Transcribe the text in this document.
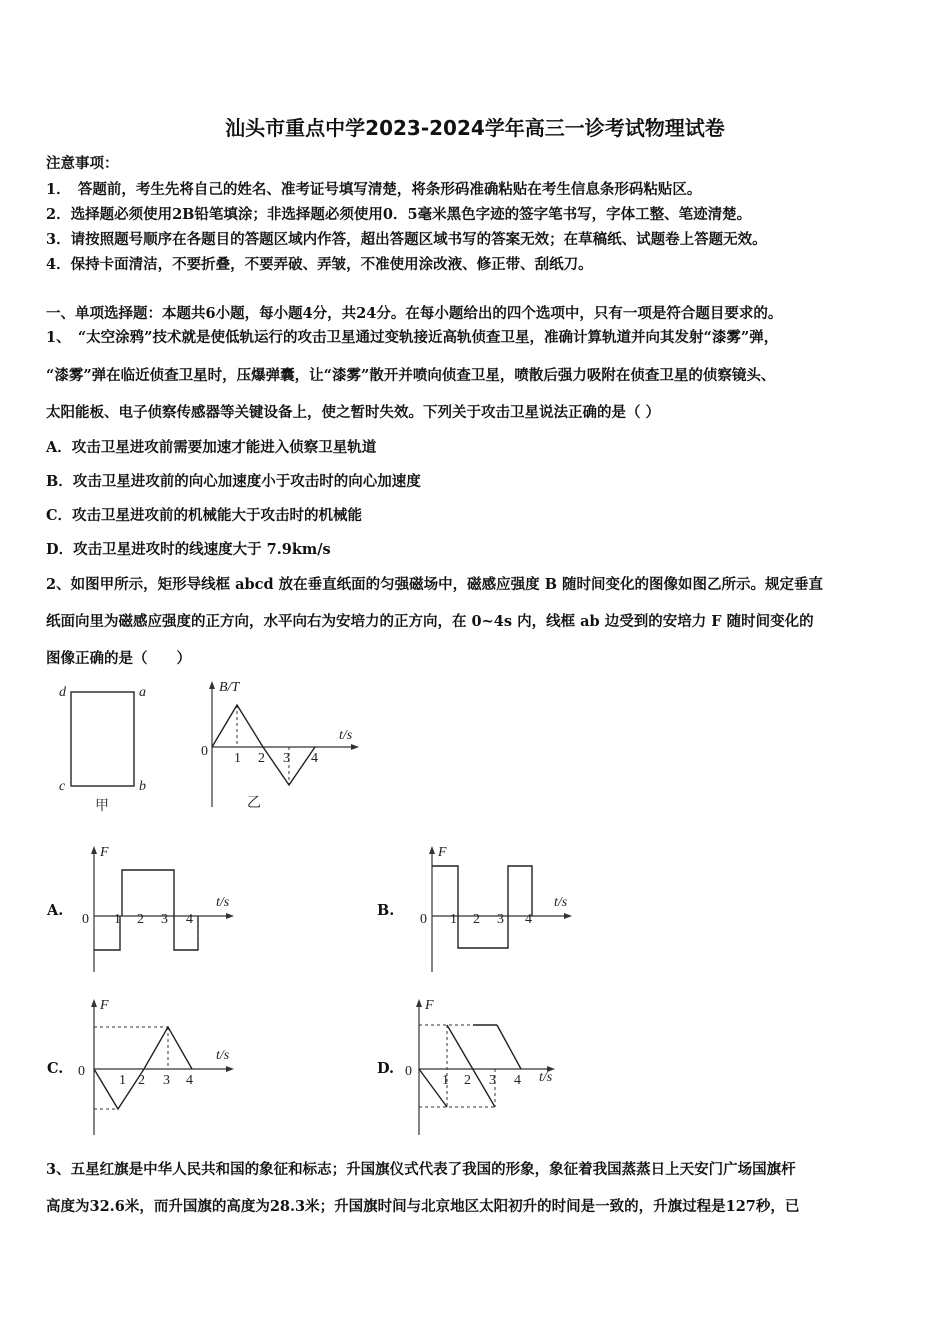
汕头市重点中学2023-2024学年高三一诊考试物理试卷
注意事项：
1．　答题前，考生先将自己的姓名、准考证号填写清楚，将条形码准确粘贴在考生信息条形码粘贴区。
2．选择题必须使用2B铅笔填涂；非选择题必须使用0．5毫米黑色字迹的签字笔书写，字体工整、笔迹清楚。
3．请按照题号顺序在各题目的答题区域内作答，超出答题区域书写的答案无效；在草稿纸、试题卷上答题无效。
4．保持卡面清洁，不要折叠，不要弄破、弄皱，不准使用涂改液、修正带、刮纸刀。
一、单项选择题：本题共6小题，每小题4分，共24分。在每小题给出的四个选项中，只有一项是符合题目要求的。
1、　“太空涂鸦”技术就是使低轨运行的攻击卫星通过变轨接近高轨侦查卫星，准确计算轨道并向其发射“漆雾”弹，
“漆雾”弹在临近侦查卫星时，压爆弹囊，让“漆雾”散开并喷向侦查卫星，喷散后强力吸附在侦查卫星的侦察镜头、
太阳能板、电子侦察传感器等关键设备上，使之暂时失效。下列关于攻击卫星说法正确的是（ ）
A．攻击卫星进攻前需要加速才能进入侦察卫星轨道
B．攻击卫星进攻前的向心加速度小于攻击时的向心加速度
C．攻击卫星进攻前的机械能大于攻击时的机械能
D．攻击卫星进攻时的线速度大于 7.9km/s
2、如图甲所示，矩形导线框 abcd 放在垂直纸面的匀强磁场中，磁感应强度 B 随时间变化的图像如图乙所示。规定垂直
纸面向里为磁感应强度的正方向，水平向右为安培力的正方向，在 0~4s 内，线框 ab 边受到的安培力 F 随时间变化的
图像正确的是（　　）
d	a
c	b
甲
B/T
t/s
0 1 2 3 4
乙
A.
F
t/s
0 1 2 3 4
B.
F
t/s
0 1 2 3 4
C.
F
t/s
0
1 2 3 4
D.
F
t/s
0
1 2 3 4
3、五星红旗是中华人民共和国的象征和标志；升国旗仪式代表了我国的形象，象征着我国蒸蒸日上天安门广场国旗杆
高度为32.6米，而升国旗的高度为28.3米；升国旗时间与北京地区太阳初升的时间是一致的，升旗过程是127秒，已
